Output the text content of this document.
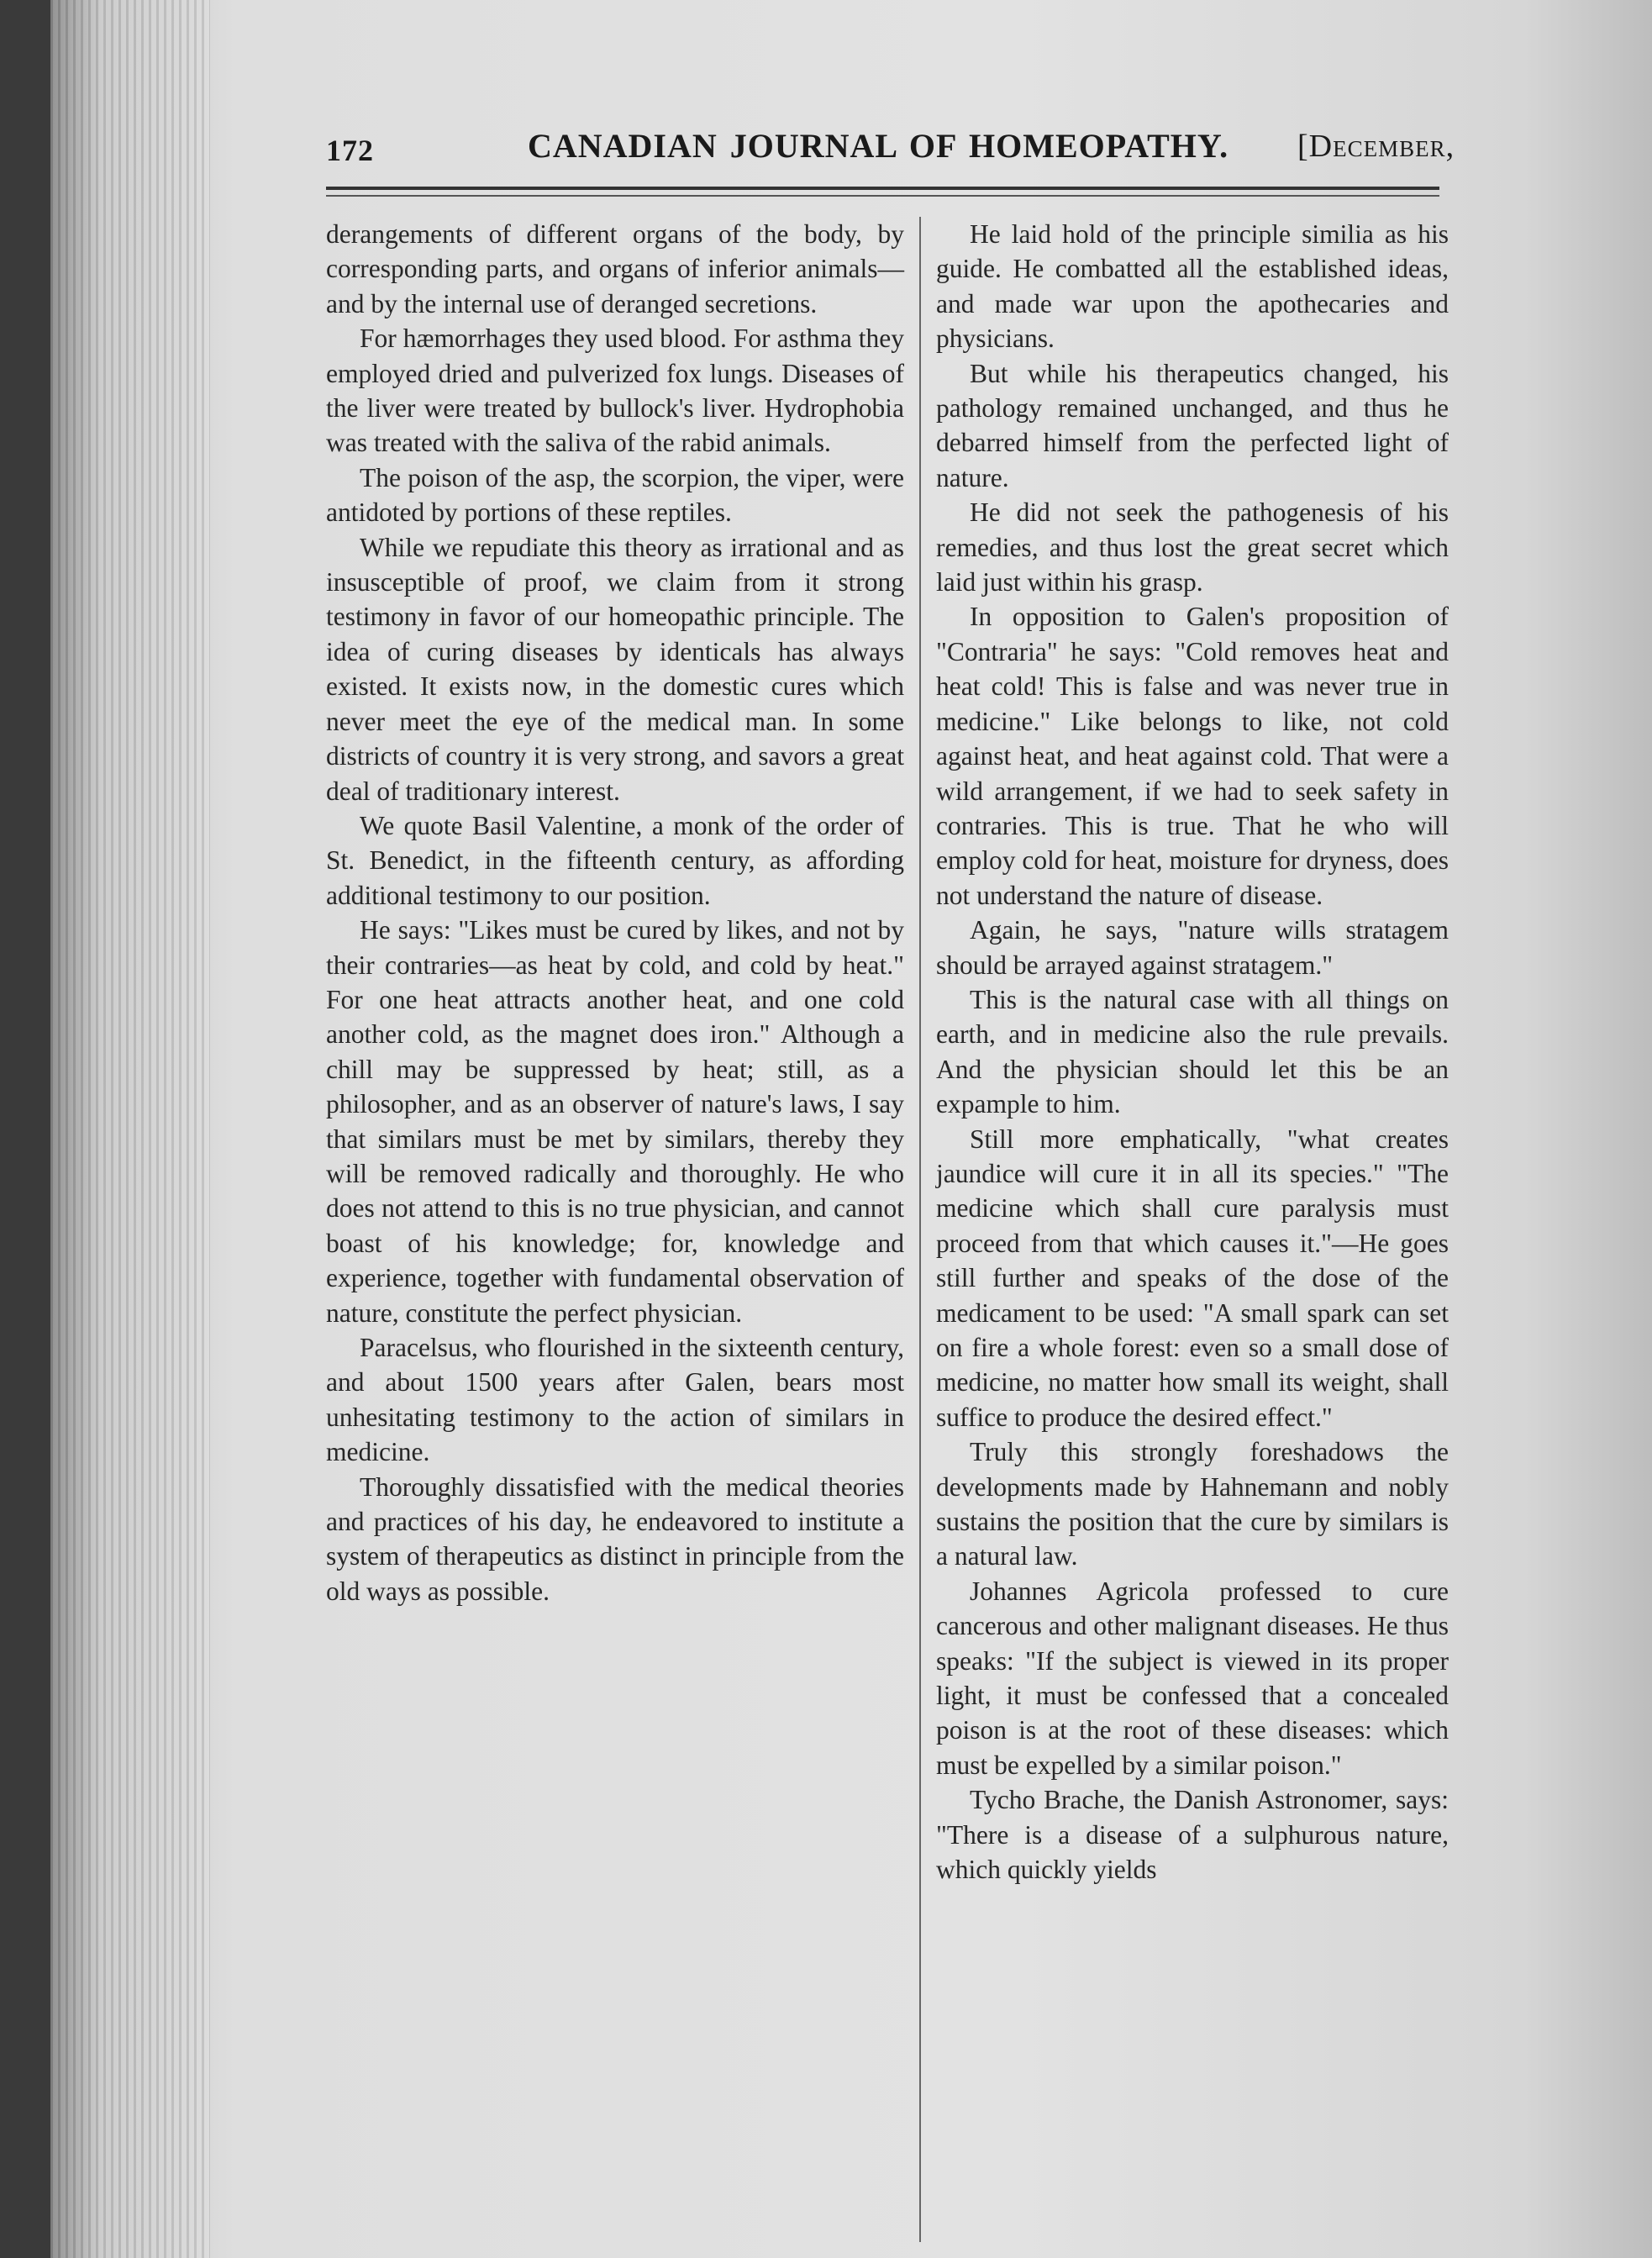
172	CANADIAN JOURNAL OF HOMEOPATHY. [December,

derangements of different organs of the body, by corresponding parts, and organs of inferior animals—and by the internal use of deranged secretions.

For hæmorrhages they used blood. For asthma they employed dried and pulverized fox lungs. Diseases of the liver were treated by bullock's liver. Hydrophobia was treated with the saliva of the rabid animals.

The poison of the asp, the scorpion, the viper, were antidoted by portions of these reptiles.

While we repudiate this theory as irrational and as insusceptible of proof, we claim from it strong testimony in favor of our homeopathic principle. The idea of curing diseases by identicals has always existed. It exists now, in the domestic cures which never meet the eye of the medical man. In some districts of country it is very strong, and savors a great deal of traditionary interest.

We quote Basil Valentine, a monk of the order of St. Benedict, in the fifteenth century, as affording additional testimony to our position.

He says: "Likes must be cured by likes, and not by their contraries—as heat by cold, and cold by heat." For one heat attracts another heat, and one cold another cold, as the magnet does iron." Although a chill may be suppressed by heat; still, as a philosopher, and as an observer of nature's laws, I say that similars must be met by similars, thereby they will be removed radically and thoroughly. He who does not attend to this is no true physician, and cannot boast of his knowledge; for, knowledge and experience, together with fundamental observation of nature, constitute the perfect physician.

Paracelsus, who flourished in the sixteenth century, and about 1500 years after Galen, bears most unhesitating testimony to the action of similars in medicine.

Thoroughly dissatisfied with the medical theories and practices of his day, he endeavored to institute a system of therapeutics as distinct in principle from the old ways as possible.

He laid hold of the principle similia as his guide. He combatted all the established ideas, and made war upon the apothecaries and physicians.

But while his therapeutics changed, his pathology remained unchanged, and thus he debarred himself from the perfected light of nature.

He did not seek the pathogenesis of his remedies, and thus lost the great secret which laid just within his grasp.

In opposition to Galen's proposition of "Contraria" he says: "Cold removes heat and heat cold! This is false and was never true in medicine." Like belongs to like, not cold against heat, and heat against cold. That were a wild arrangement, if we had to seek safety in contraries. This is true. That he who will employ cold for heat, moisture for dryness, does not understand the nature of disease.

Again, he says, "nature wills stratagem should be arrayed against stratagem."

This is the natural case with all things on earth, and in medicine also the rule prevails. And the physician should let this be an expample to him.

Still more emphatically, "what creates jaundice will cure it in all its species." "The medicine which shall cure paralysis must proceed from that which causes it."—He goes still further and speaks of the dose of the medicament to be used: "A small spark can set on fire a whole forest: even so a small dose of medicine, no matter how small its weight, shall suffice to produce the desired effect."

Truly this strongly foreshadows the developments made by Hahnemann and nobly sustains the position that the cure by similars is a natural law.

Johannes Agricola professed to cure cancerous and other malignant diseases. He thus speaks: "If the subject is viewed in its proper light, it must be confessed that a concealed poison is at the root of these diseases: which must be expelled by a similar poison."

Tycho Brache, the Danish Astronomer, says: "There is a disease of a sulphurous nature, which quickly yields
